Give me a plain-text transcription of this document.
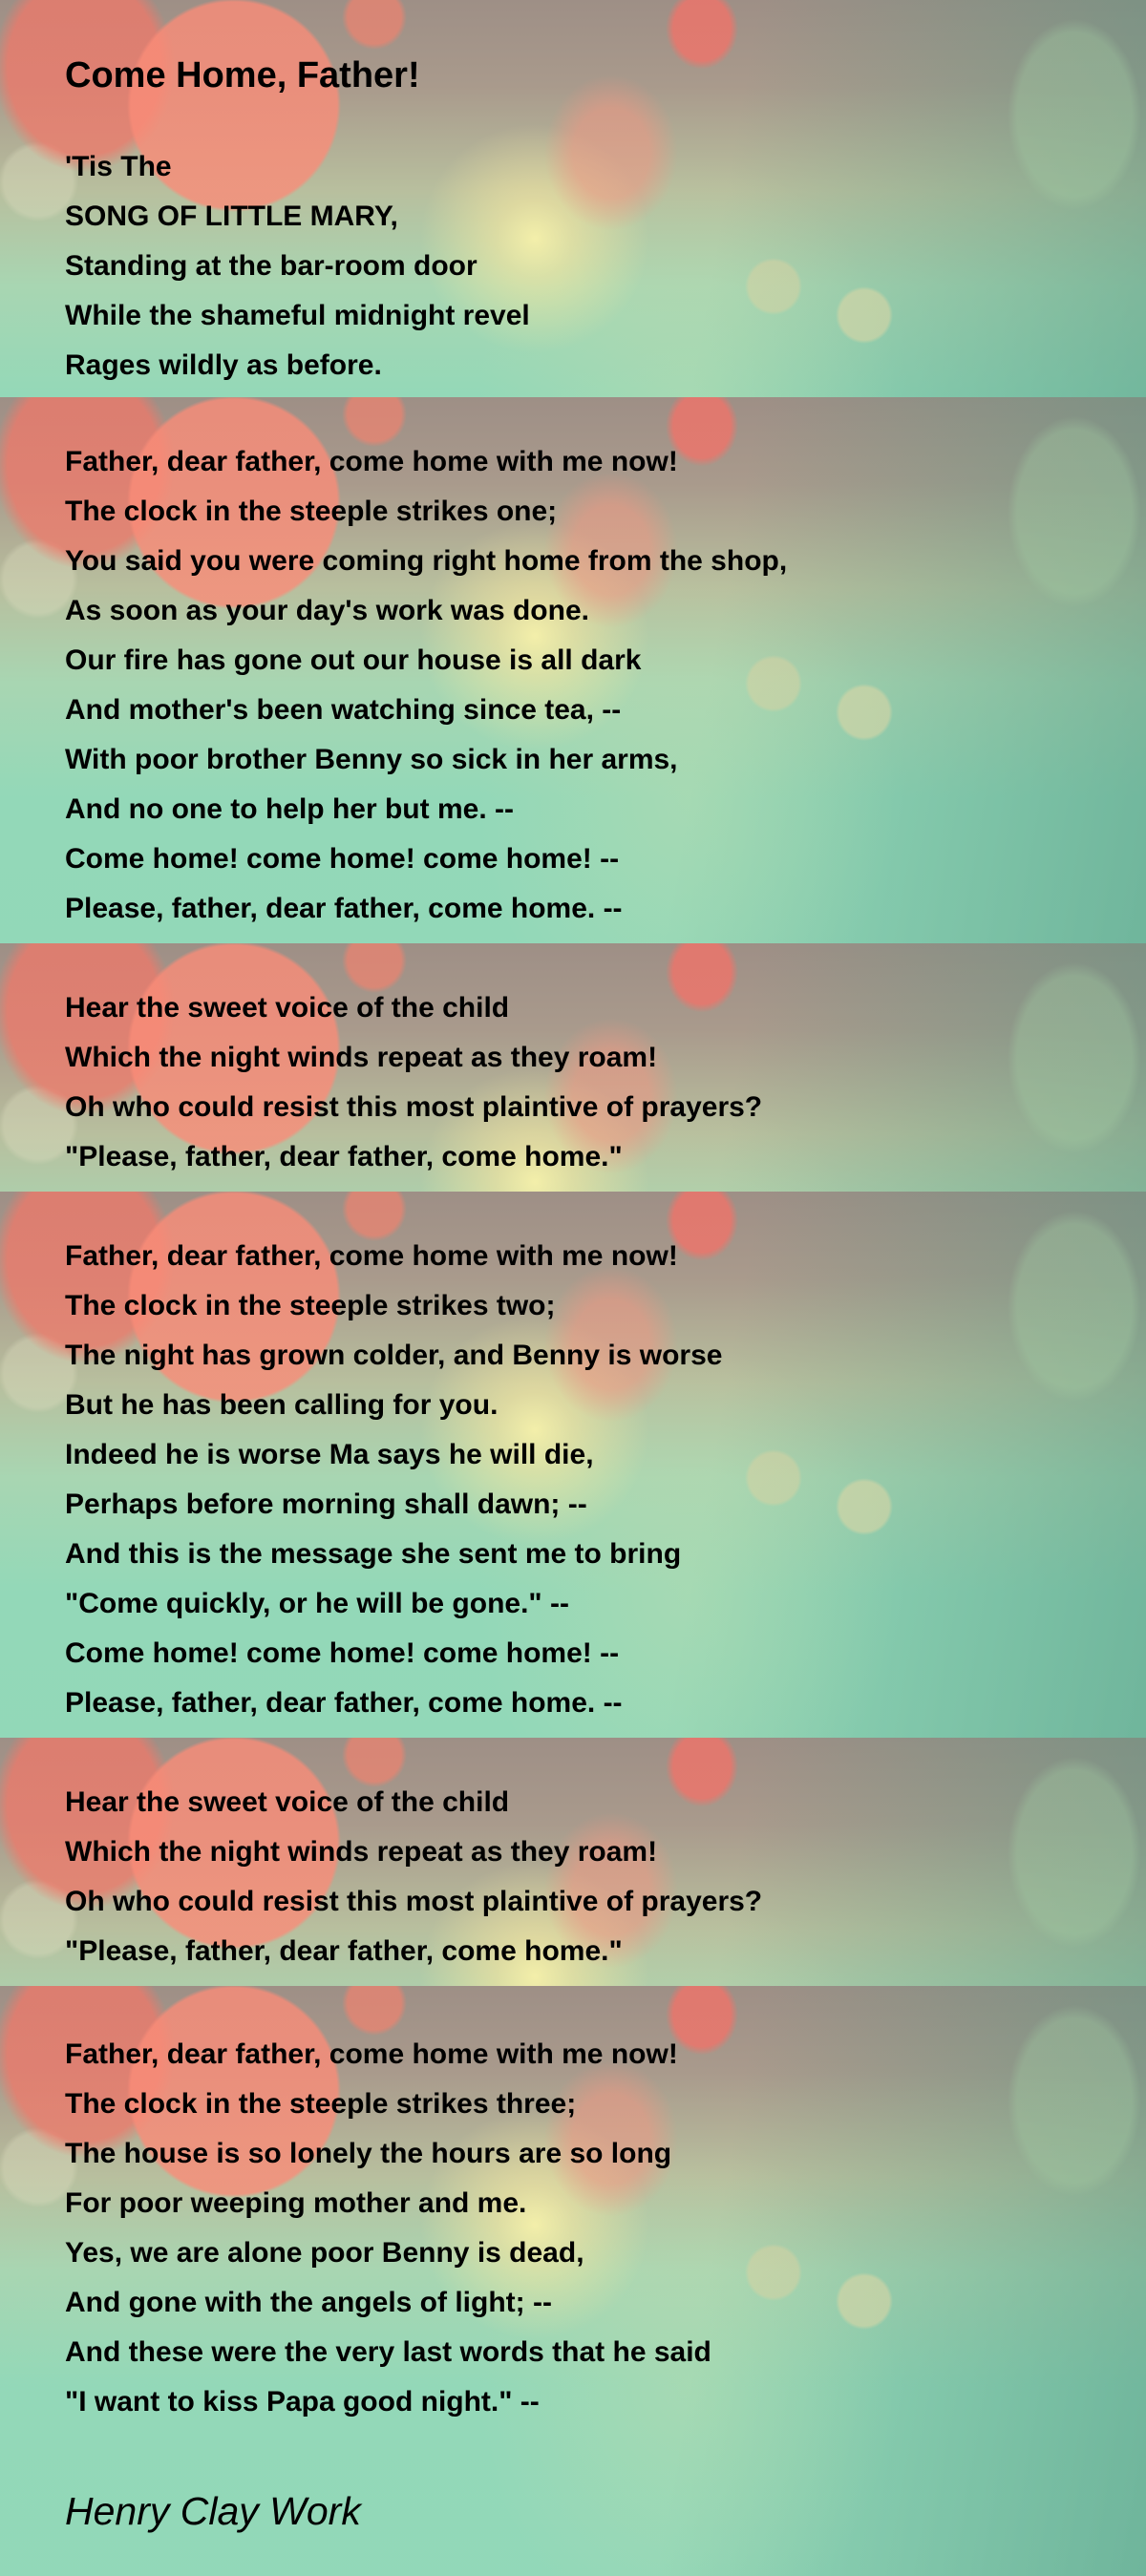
Come Home, Father!
'Tis The
SONG OF LITTLE MARY,
Standing at the bar-room door
While the shameful midnight revel
Rages wildly as before.
Father, dear father, come home with me now!
The clock in the steeple strikes one;
You said you were coming right home from the shop,
As soon as your day's work was done.
Our fire has gone out our house is all dark
And mother's been watching since tea, --
With poor brother Benny so sick in her arms,
And no one to help her but me. --
Come home! come home! come home! --
Please, father, dear father, come home. --
Hear the sweet voice of the child
Which the night winds repeat as they roam!
Oh who could resist this most plaintive of prayers?
"Please, father, dear father, come home."
Father, dear father, come home with me now!
The clock in the steeple strikes two;
The night has grown colder, and Benny is worse
But he has been calling for you.
Indeed he is worse Ma says he will die,
Perhaps before morning shall dawn; --
And this is the message she sent me to bring
"Come quickly, or he will be gone." --
Come home! come home! come home! --
Please, father, dear father, come home. --
Hear the sweet voice of the child
Which the night winds repeat as they roam!
Oh who could resist this most plaintive of prayers?
"Please, father, dear father, come home."
Father, dear father, come home with me now!
The clock in the steeple strikes three;
The house is so lonely the hours are so long
For poor weeping mother and me.
Yes, we are alone poor Benny is dead,
And gone with the angels of light; --
And these were the very last words that he said
"I want to kiss Papa good night." --
Henry Clay Work
